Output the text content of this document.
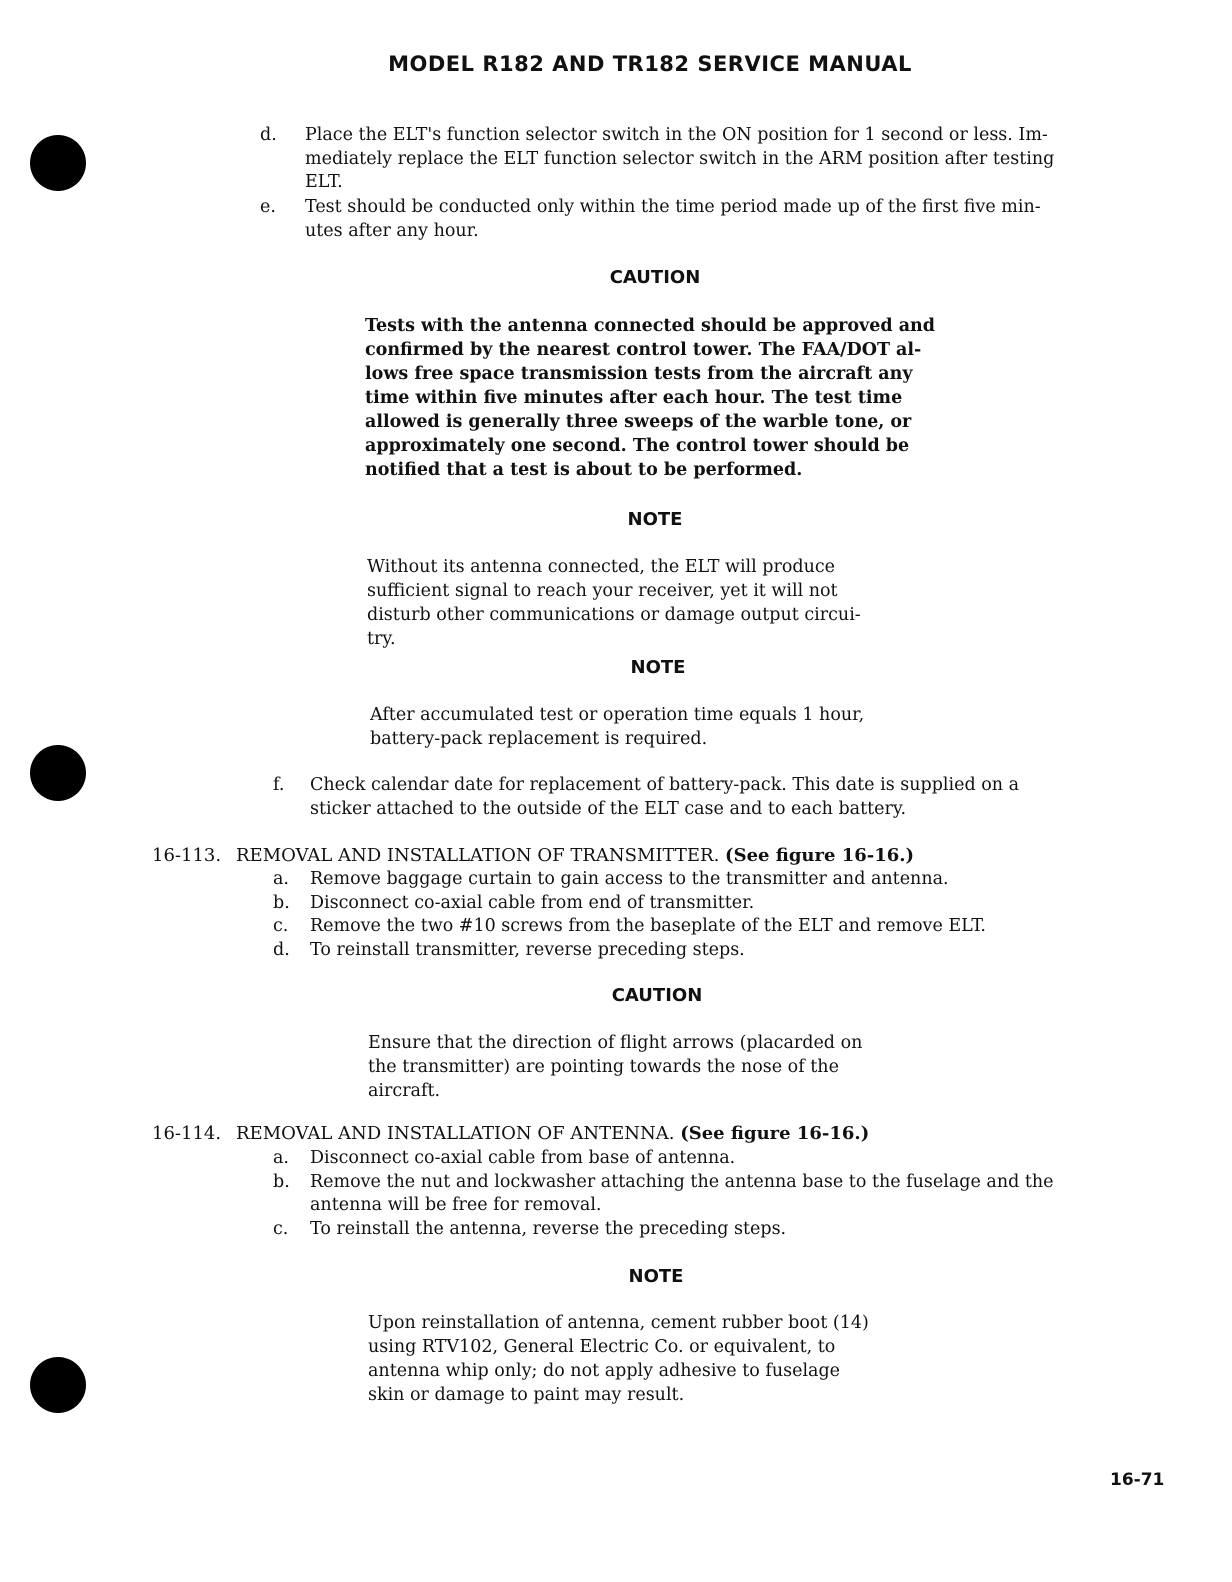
MODEL R182 AND TR182 SERVICE MANUAL
d. Place the ELT's function selector switch in the ON position for 1 second or less. Im-
mediately replace the ELT function selector switch in the ARM position after testing
ELT.
e. Test should be conducted only within the time period made up of the first five min-
utes after any hour.
CAUTION
Tests with the antenna connected should be approved and
confirmed by the nearest control tower. The FAA/DOT al-
lows free space transmission tests from the aircraft any
time within five minutes after each hour. The test time
allowed is generally three sweeps of the warble tone, or
approximately one second. The control tower should be
notified that a test is about to be performed.
NOTE
Without its antenna connected, the ELT will produce
sufficient signal to reach your receiver, yet it will not
disturb other communications or damage output circui-
try.
NOTE
After accumulated test or operation time equals 1 hour,
battery-pack replacement is required.
f. Check calendar date for replacement of battery-pack. This date is supplied on a
sticker attached to the outside of the ELT case and to each battery.
16-113. REMOVAL AND INSTALLATION OF TRANSMITTER. (See figure 16-16.)
a. Remove baggage curtain to gain access to the transmitter and antenna.
b. Disconnect co-axial cable from end of transmitter.
c. Remove the two #10 screws from the baseplate of the ELT and remove ELT.
d. To reinstall transmitter, reverse preceding steps.
CAUTION
Ensure that the direction of flight arrows (placarded on
the transmitter) are pointing towards the nose of the
aircraft.
16-114. REMOVAL AND INSTALLATION OF ANTENNA. (See figure 16-16.)
a. Disconnect co-axial cable from base of antenna.
b. Remove the nut and lockwasher attaching the antenna base to the fuselage and the
antenna will be free for removal.
c. To reinstall the antenna, reverse the preceding steps.
NOTE
Upon reinstallation of antenna, cement rubber boot (14)
using RTV102, General Electric Co. or equivalent, to
antenna whip only; do not apply adhesive to fuselage
skin or damage to paint may result.
16-71
